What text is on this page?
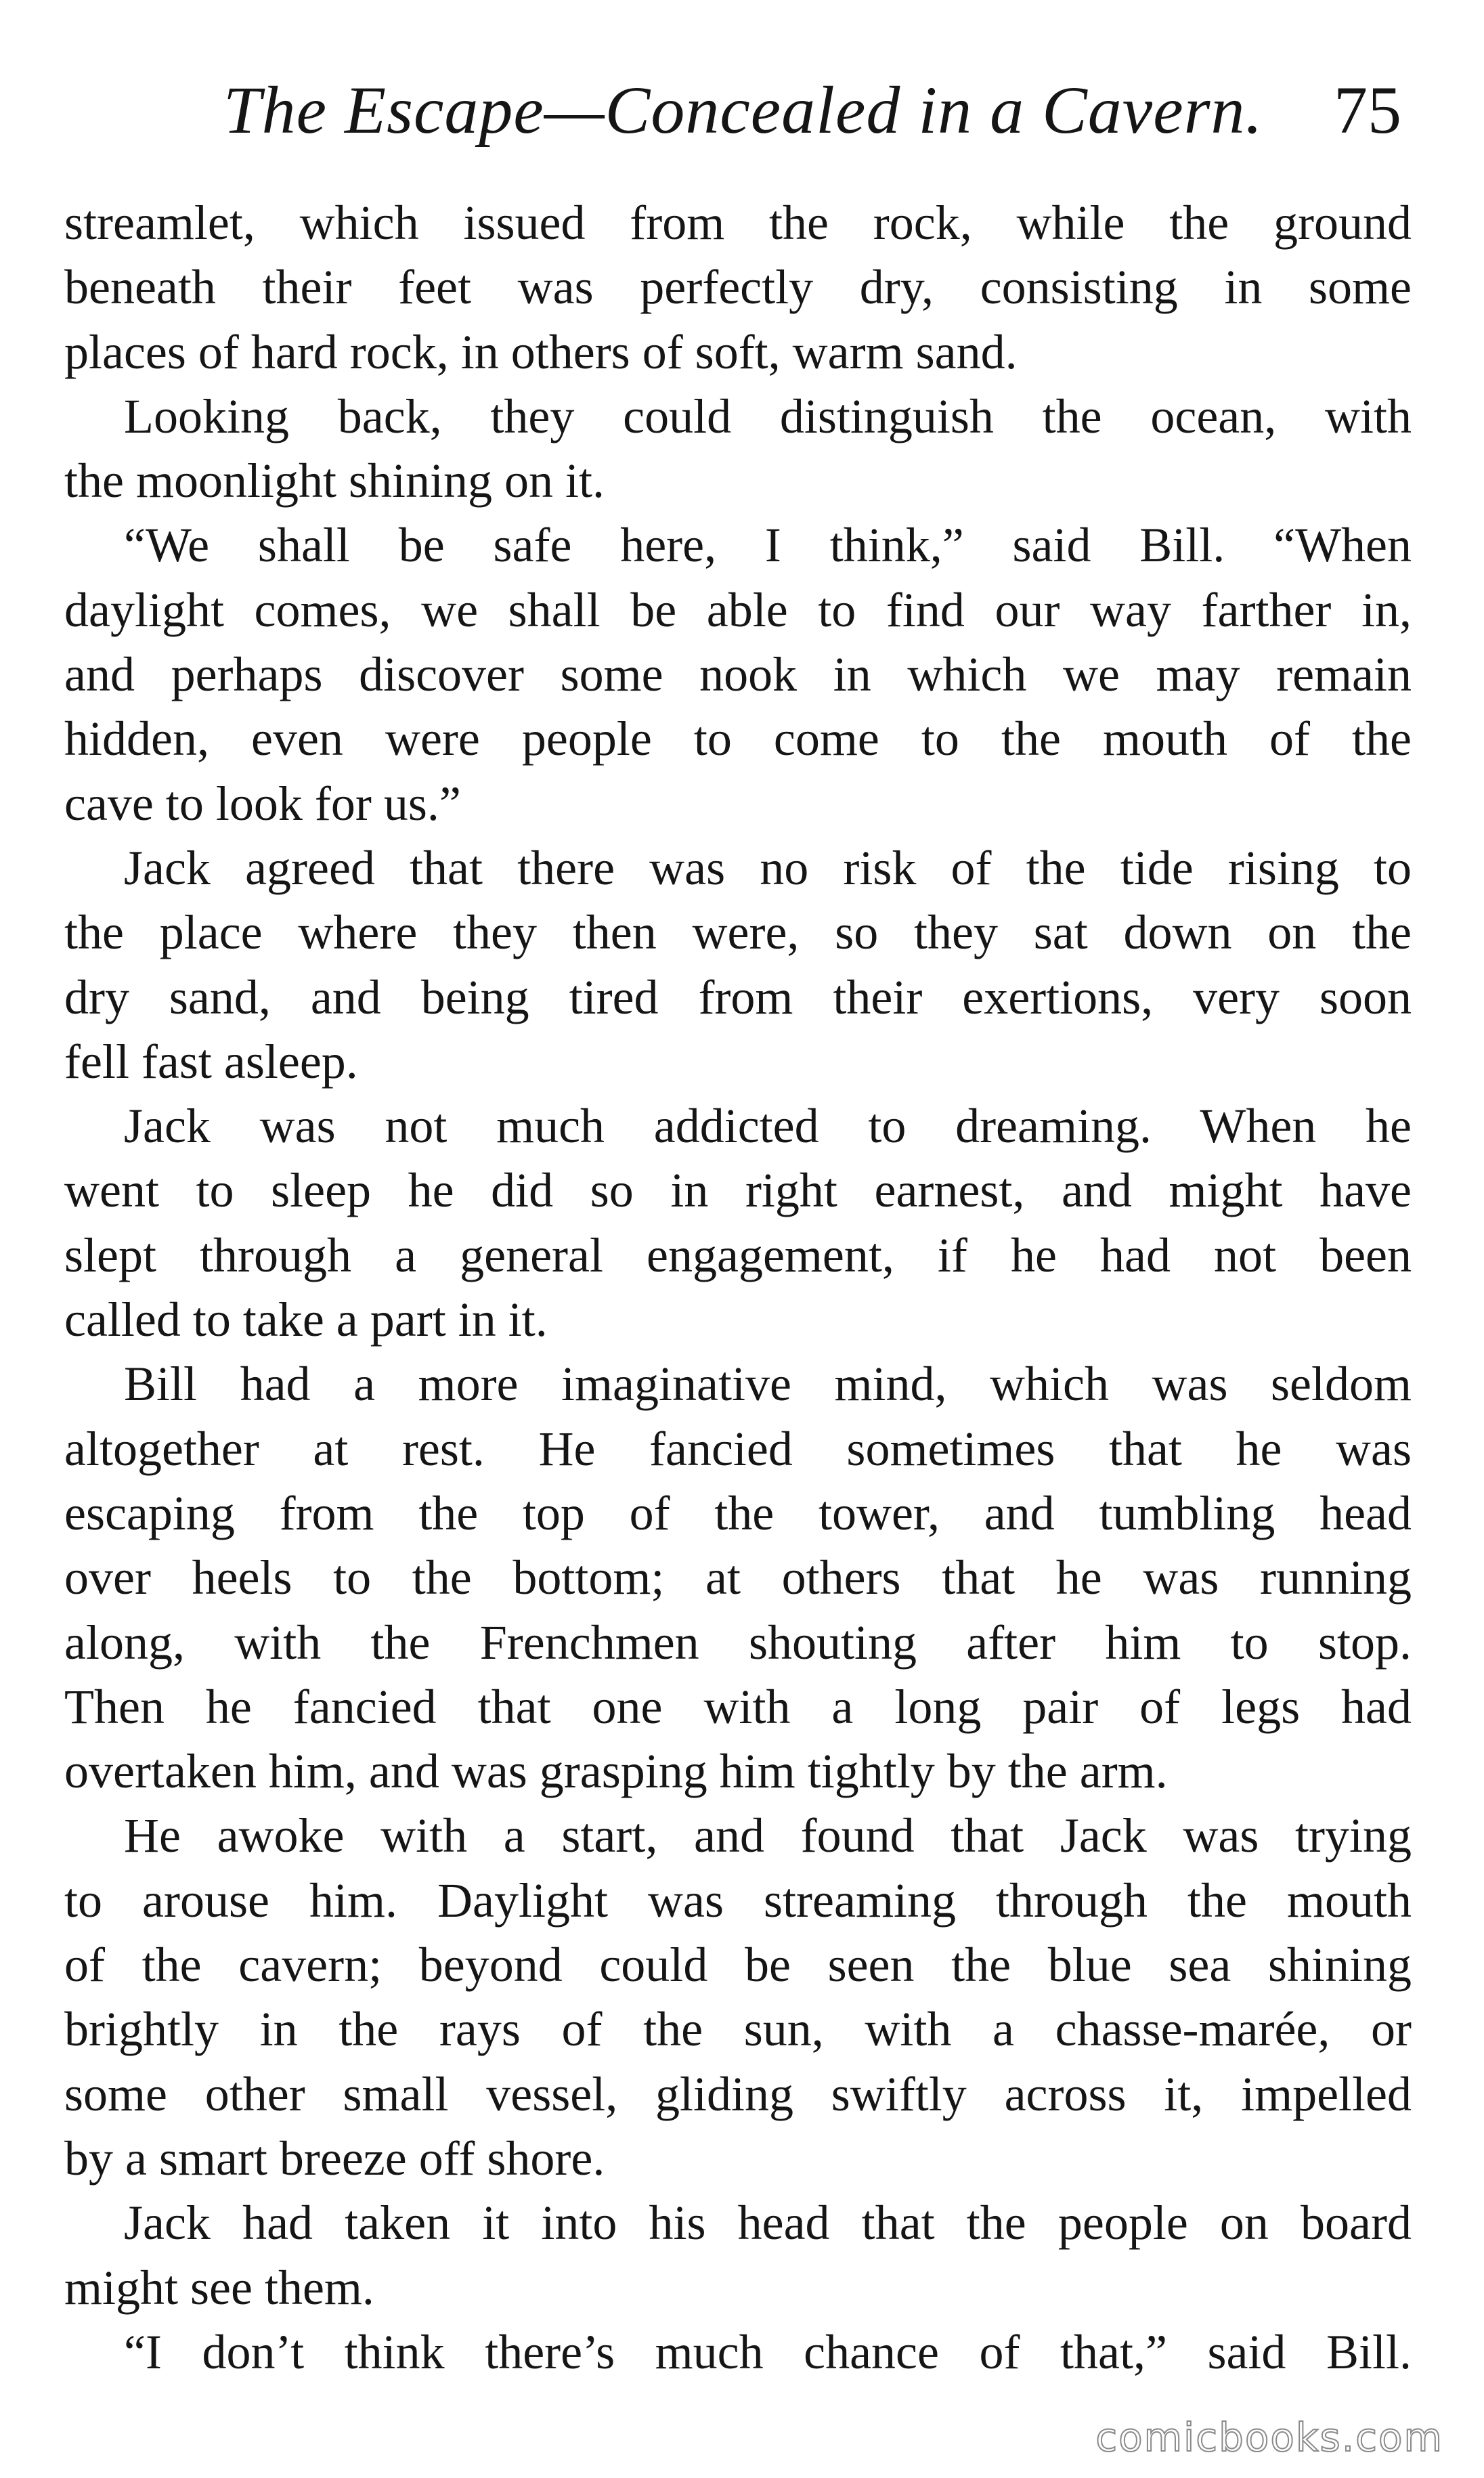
The Escape—Concealed in a Cavern. 75
streamlet, which issued from the rock, while the ground
beneath their feet was perfectly dry, consisting in some
places of hard rock, in others of soft, warm sand.
Looking back, they could distinguish the ocean, with
the moonlight shining on it.
“We shall be safe here, I think,” said Bill. “When
daylight comes, we shall be able to find our way farther in,
and perhaps discover some nook in which we may remain
hidden, even were people to come to the mouth of the
cave to look for us.”
Jack agreed that there was no risk of the tide rising to
the place where they then were, so they sat down on the
dry sand, and being tired from their exertions, very soon
fell fast asleep.
Jack was not much addicted to dreaming. When he
went to sleep he did so in right earnest, and might have
slept through a general engagement, if he had not been
called to take a part in it.
Bill had a more imaginative mind, which was seldom
altogether at rest. He fancied sometimes that he was
escaping from the top of the tower, and tumbling head
over heels to the bottom; at others that he was running
along, with the Frenchmen shouting after him to stop.
Then he fancied that one with a long pair of legs had
overtaken him, and was grasping him tightly by the arm.
He awoke with a start, and found that Jack was trying
to arouse him. Daylight was streaming through the mouth
of the cavern; beyond could be seen the blue sea shining
brightly in the rays of the sun, with a chasse-marée, or
some other small vessel, gliding swiftly across it, impelled
by a smart breeze off shore.
Jack had taken it into his head that the people on board
might see them.
“I don’t think there’s much chance of that,” said Bill.
comicbooks.com
